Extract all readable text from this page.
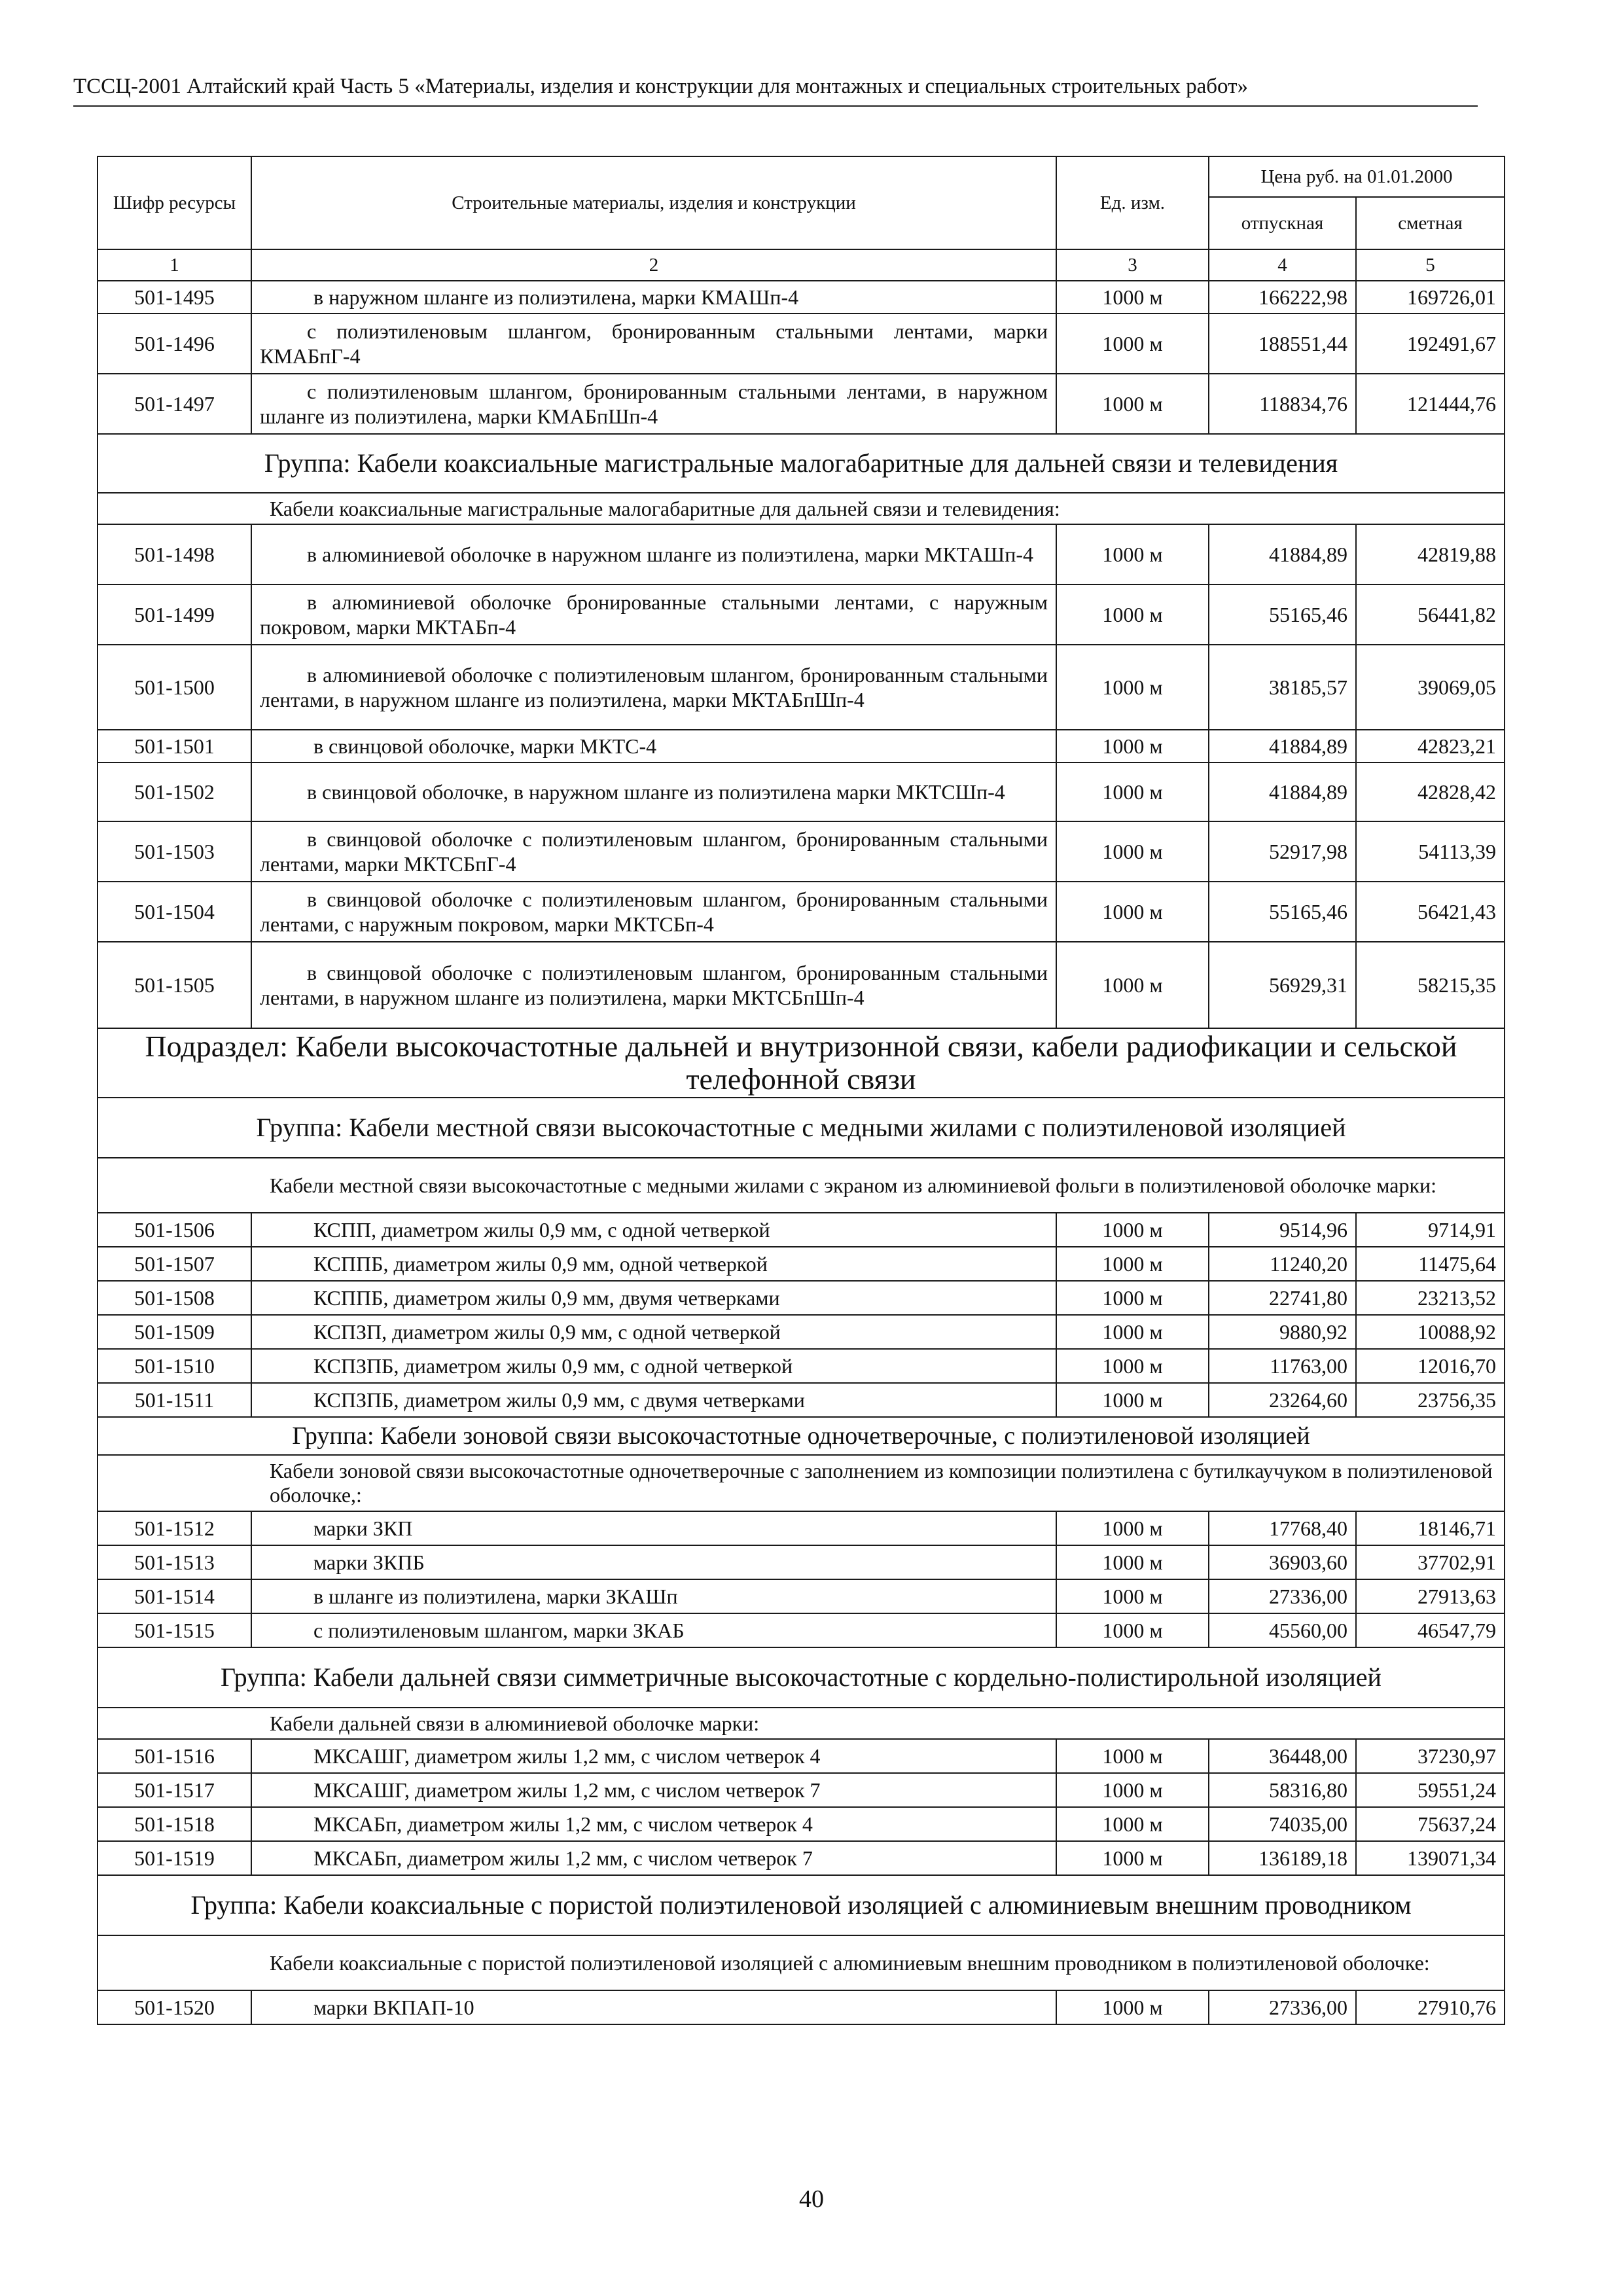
ТССЦ-2001 Алтайский край Часть 5 «Материалы, изделия и конструкции для монтажных и специальных строительных работ»
Шифр ресурсы	Строительные материалы, изделия и конструкции	Ед. изм.	Цена руб. на 01.01.2000	
			отпускная	сметная
1	2	3	4	5
501-1495	в наружном шланге из полиэтилена, марки КМАШп-4	1000 м	166222,98	169726,01
501-1496	с полиэтиленовым шлангом, бронированным стальными лентами, марки КМАБпГ-4	1000 м	188551,44	192491,67
501-1497	с полиэтиленовым шлангом, бронированным стальными лентами, в наружном шланге из полиэтилена, марки КМАБпШп-4	1000 м	118834,76	121444,76
Группа: Кабели коаксиальные магистральные малогабаритные для дальней связи и телевидения				

Кабели коаксиальные магистральные малогабаритные для дальней связи и телевидения:				

501-1498	в алюминиевой оболочке в наружном шланге из полиэтилена, марки МКТАШп-4	1000 м	41884,89	42819,88
501-1499	в алюминиевой оболочке бронированные стальными лентами, с наружным покровом, марки МКТАБп-4	1000 м	55165,46	56441,82
501-1500	в алюминиевой оболочке с полиэтиленовым шлангом, бронированным стальными лентами, в наружном шланге из полиэтилена, марки МКТАБпШп-4	1000 м	38185,57	39069,05
501-1501	в свинцовой оболочке, марки МКТС-4	1000 м	41884,89	42823,21
501-1502	в свинцовой оболочке, в наружном шланге из полиэтилена марки МКТСШп-4	1000 м	41884,89	42828,42
501-1503	в свинцовой оболочке с полиэтиленовым шлангом, бронированным стальными лентами, марки МКТСБпГ-4	1000 м	52917,98	54113,39
501-1504	в свинцовой оболочке с полиэтиленовым шлангом, бронированным стальными лентами, с наружным покровом, марки МКТСБп-4	1000 м	55165,46	56421,43
501-1505	в свинцовой оболочке с полиэтиленовым шлангом, бронированным стальными лентами, в наружном шланге из полиэтилена, марки МКТСБпШп-4	1000 м	56929,31	58215,35
Подраздел: Кабели высокочастотные дальней и внутризонной связи, кабели радиофикации и сельской телефонной связи				
Группа: Кабели местной связи высокочастотные с медными жилами с полиэтиленовой изоляцией				

Кабели местной связи высокочастотные с медными жилами с экраном из алюминиевой фольги в полиэтиленовой оболочке марки:				

501-1506	КСПП, диаметром жилы 0,9 мм, с одной четверкой	1000 м	9514,96	9714,91
501-1507	КСППБ, диаметром жилы 0,9 мм, одной четверкой	1000 м	11240,20	11475,64
501-1508	КСППБ, диаметром жилы 0,9 мм, двумя четверками	1000 м	22741,80	23213,52
501-1509	КСПЗП, диаметром жилы 0,9 мм, с одной четверкой	1000 м	9880,92	10088,92
501-1510	КСПЗПБ, диаметром жилы 0,9 мм, с одной четверкой	1000 м	11763,00	12016,70
501-1511	КСПЗПБ, диаметром жилы 0,9 мм, с двумя четверками	1000 м	23264,60	23756,35
Группа: Кабели зоновой связи высокочастотные одночетверочные, с полиэтиленовой изоляцией				

Кабели зоновой связи высокочастотные одночетверочные с заполнением из композиции полиэтилена с бутилкаучуком в полиэтиленовой оболочке,:				

501-1512	марки ЗКП	1000 м	17768,40	18146,71
501-1513	марки ЗКПБ	1000 м	36903,60	37702,91
501-1514	в шланге из полиэтилена, марки ЗКАШп	1000 м	27336,00	27913,63
501-1515	с полиэтиленовым шлангом, марки ЗКАБ	1000 м	45560,00	46547,79
Группа: Кабели дальней связи симметричные высокочастотные с кордельно-полистирольной изоляцией				

Кабели дальней связи в алюминиевой оболочке марки:				

501-1516	МКСАШГ, диаметром жилы 1,2 мм, с числом четверок 4	1000 м	36448,00	37230,97
501-1517	МКСАШГ, диаметром жилы 1,2 мм, с числом четверок 7	1000 м	58316,80	59551,24
501-1518	МКСАБп, диаметром жилы 1,2 мм, с числом четверок 4	1000 м	74035,00	75637,24
501-1519	МКСАБп, диаметром жилы 1,2 мм, с числом четверок 7	1000 м	136189,18	139071,34
Группа: Кабели коаксиальные с пористой полиэтиленовой изоляцией с алюминиевым внешним проводником				

Кабели коаксиальные с пористой полиэтиленовой изоляцией с алюминиевым внешним проводником в полиэтиленовой оболочке:				

501-1520	марки ВКПАП-10	1000 м	27336,00	27910,76
40
